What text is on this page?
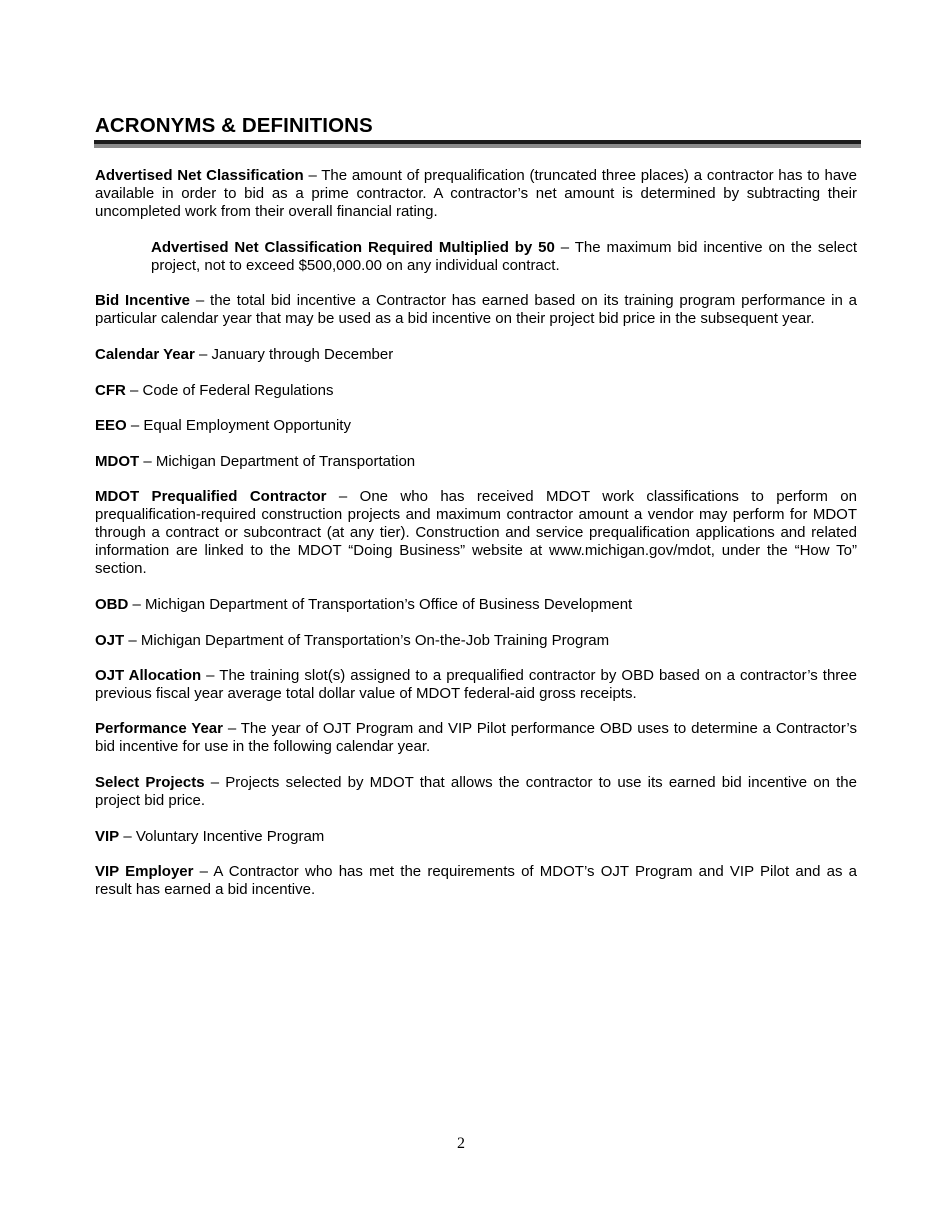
ACRONYMS & DEFINITIONS

Advertised Net Classification – The amount of prequalification (truncated three places) a contractor has to have available in order to bid as a prime contractor. A contractor’s net amount is determined by subtracting their uncompleted work from their overall financial rating.

Advertised Net Classification Required Multiplied by 50 – The maximum bid incentive on the select project, not to exceed $500,000.00 on any individual contract.

Bid Incentive – the total bid incentive a Contractor has earned based on its training program performance in a particular calendar year that may be used as a bid incentive on their project bid price in the subsequent year.

Calendar Year – January through December

CFR – Code of Federal Regulations

EEO – Equal Employment Opportunity

MDOT – Michigan Department of Transportation

MDOT Prequalified Contractor – One who has received MDOT work classifications to perform on prequalification-required construction projects and maximum contractor amount a vendor may perform for MDOT through a contract or subcontract (at any tier). Construction and service prequalification applications and related information are linked to the MDOT “Doing Business” website at www.michigan.gov/mdot, under the “How To” section.

OBD – Michigan Department of Transportation’s Office of Business Development

OJT – Michigan Department of Transportation’s On-the-Job Training Program

OJT Allocation – The training slot(s) assigned to a prequalified contractor by OBD based on a contractor’s three previous fiscal year average total dollar value of MDOT federal-aid gross receipts.

Performance Year – The year of OJT Program and VIP Pilot performance OBD uses to determine a Contractor’s bid incentive for use in the following calendar year.

Select Projects – Projects selected by MDOT that allows the contractor to use its earned bid incentive on the project bid price.

VIP – Voluntary Incentive Program

VIP Employer – A Contractor who has met the requirements of MDOT’s OJT Program and VIP Pilot and as a result has earned a bid incentive.

2
